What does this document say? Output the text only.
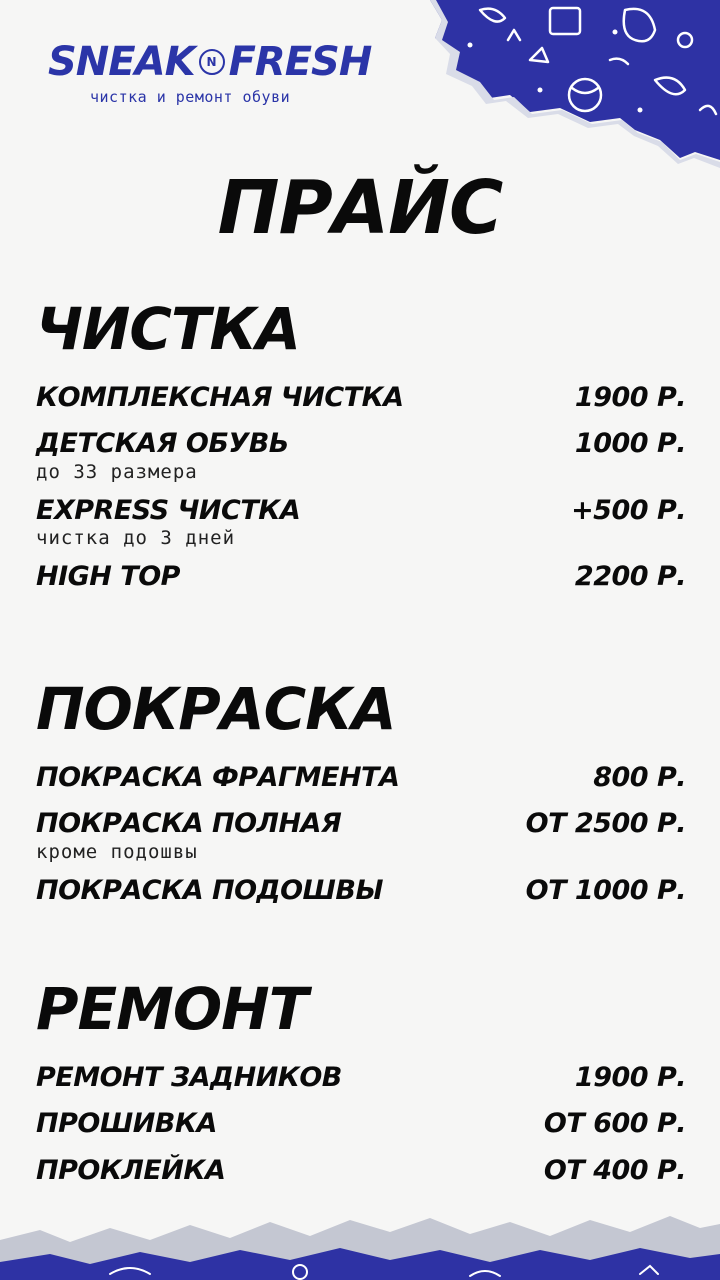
SNEAK N FRESH
чистка и ремонт обуви
ПРАЙС
ЧИСТКА
КОМПЛЕКСНАЯ ЧИСТКА	1900 Р.
ДЕТСКАЯ ОБУВЬ	1000 Р.
до 33 размера
EXPRESS ЧИСТКА	+500 Р.
чистка до 3 дней
HIGH TOP	2200 Р.
ПОКРАСКА
ПОКРАСКА ФРАГМЕНТА	800 Р.
ПОКРАСКА ПОЛНАЯ	ОТ 2500 Р.
кроме подошвы
ПОКРАСКА ПОДОШВЫ	ОТ 1000 Р.
РЕМОНТ
РЕМОНТ ЗАДНИКОВ	1900 Р.
ПРОШИВКА	ОТ 600 Р.
ПРОКЛЕЙКА	ОТ 400 Р.
